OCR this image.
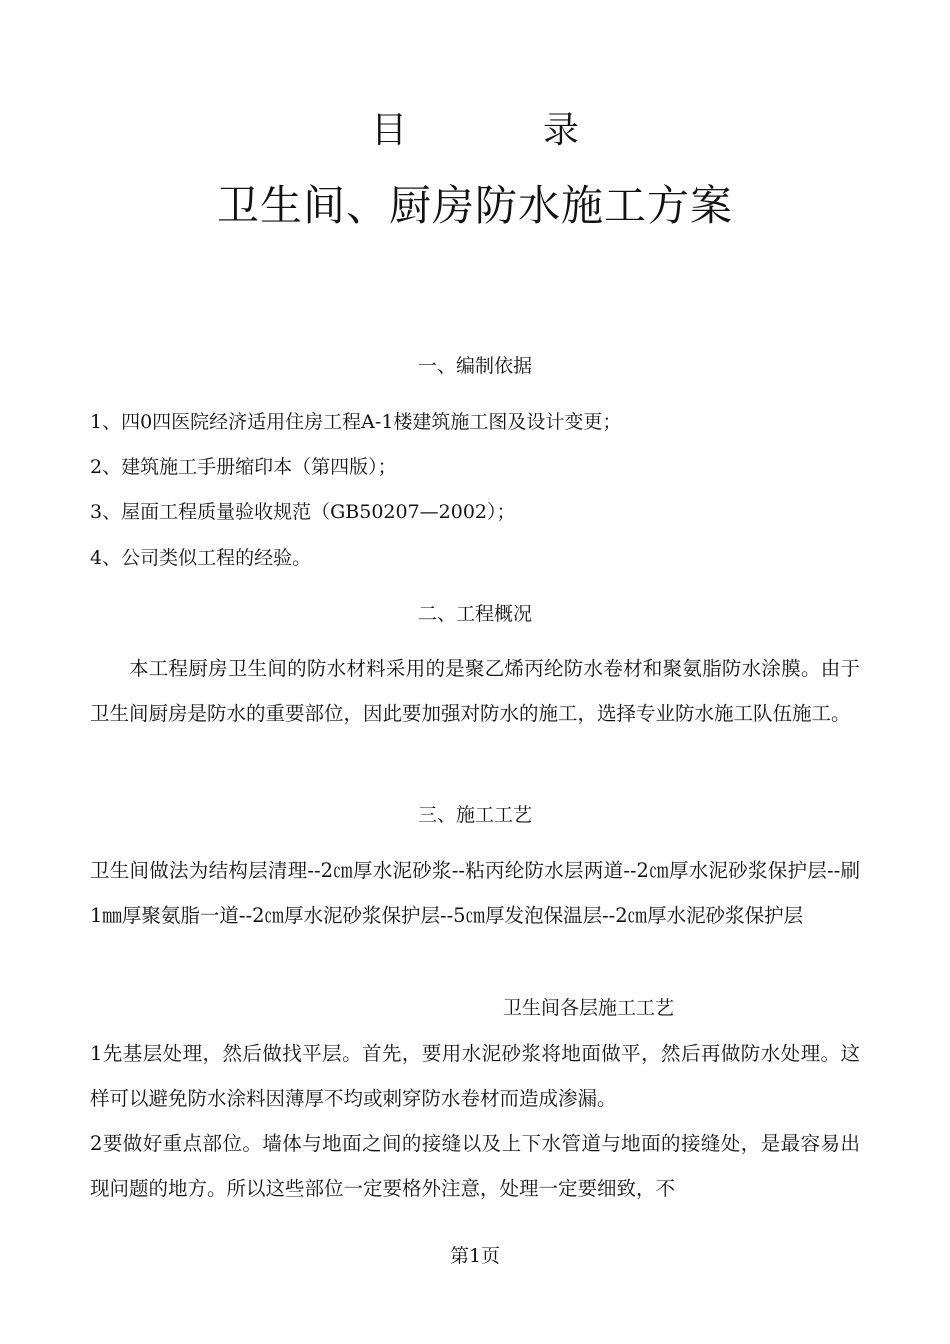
目　录
卫生间、厨房防水施工方案
一、编制依据
1、四0四医院经济适用住房工程A-1楼建筑施工图及设计变更；
2、建筑施工手册缩印本（第四版）；
3、屋面工程质量验收规范（GB50207—2002）；
4、公司类似工程的经验。
二、工程概况
本工程厨房卫生间的防水材料采用的是聚乙烯丙纶防水卷材和聚氨脂防水涂膜。由于卫生间厨房是防水的重要部位，因此要加强对防水的施工，选择专业防水施工队伍施工。
三、施工工艺
卫生间做法为结构层清理--2㎝厚水泥砂浆--粘丙纶防水层两道--2㎝厚水泥砂浆保护层--刷1㎜厚聚氨脂一道--2㎝厚水泥砂浆保护层--5㎝厚发泡保温层--2㎝厚水泥砂浆保护层
卫生间各层施工工艺
1先基层处理，然后做找平层。首先，要用水泥砂浆将地面做平，然后再做防水处理。这样可以避免防水涂料因薄厚不均或刺穿防水卷材而造成渗漏。
2要做好重点部位。墙体与地面之间的接缝以及上下水管道与地面的接缝处，是最容易出现问题的地方。所以这些部位一定要格外注意，处理一定要细致，不
第1页
